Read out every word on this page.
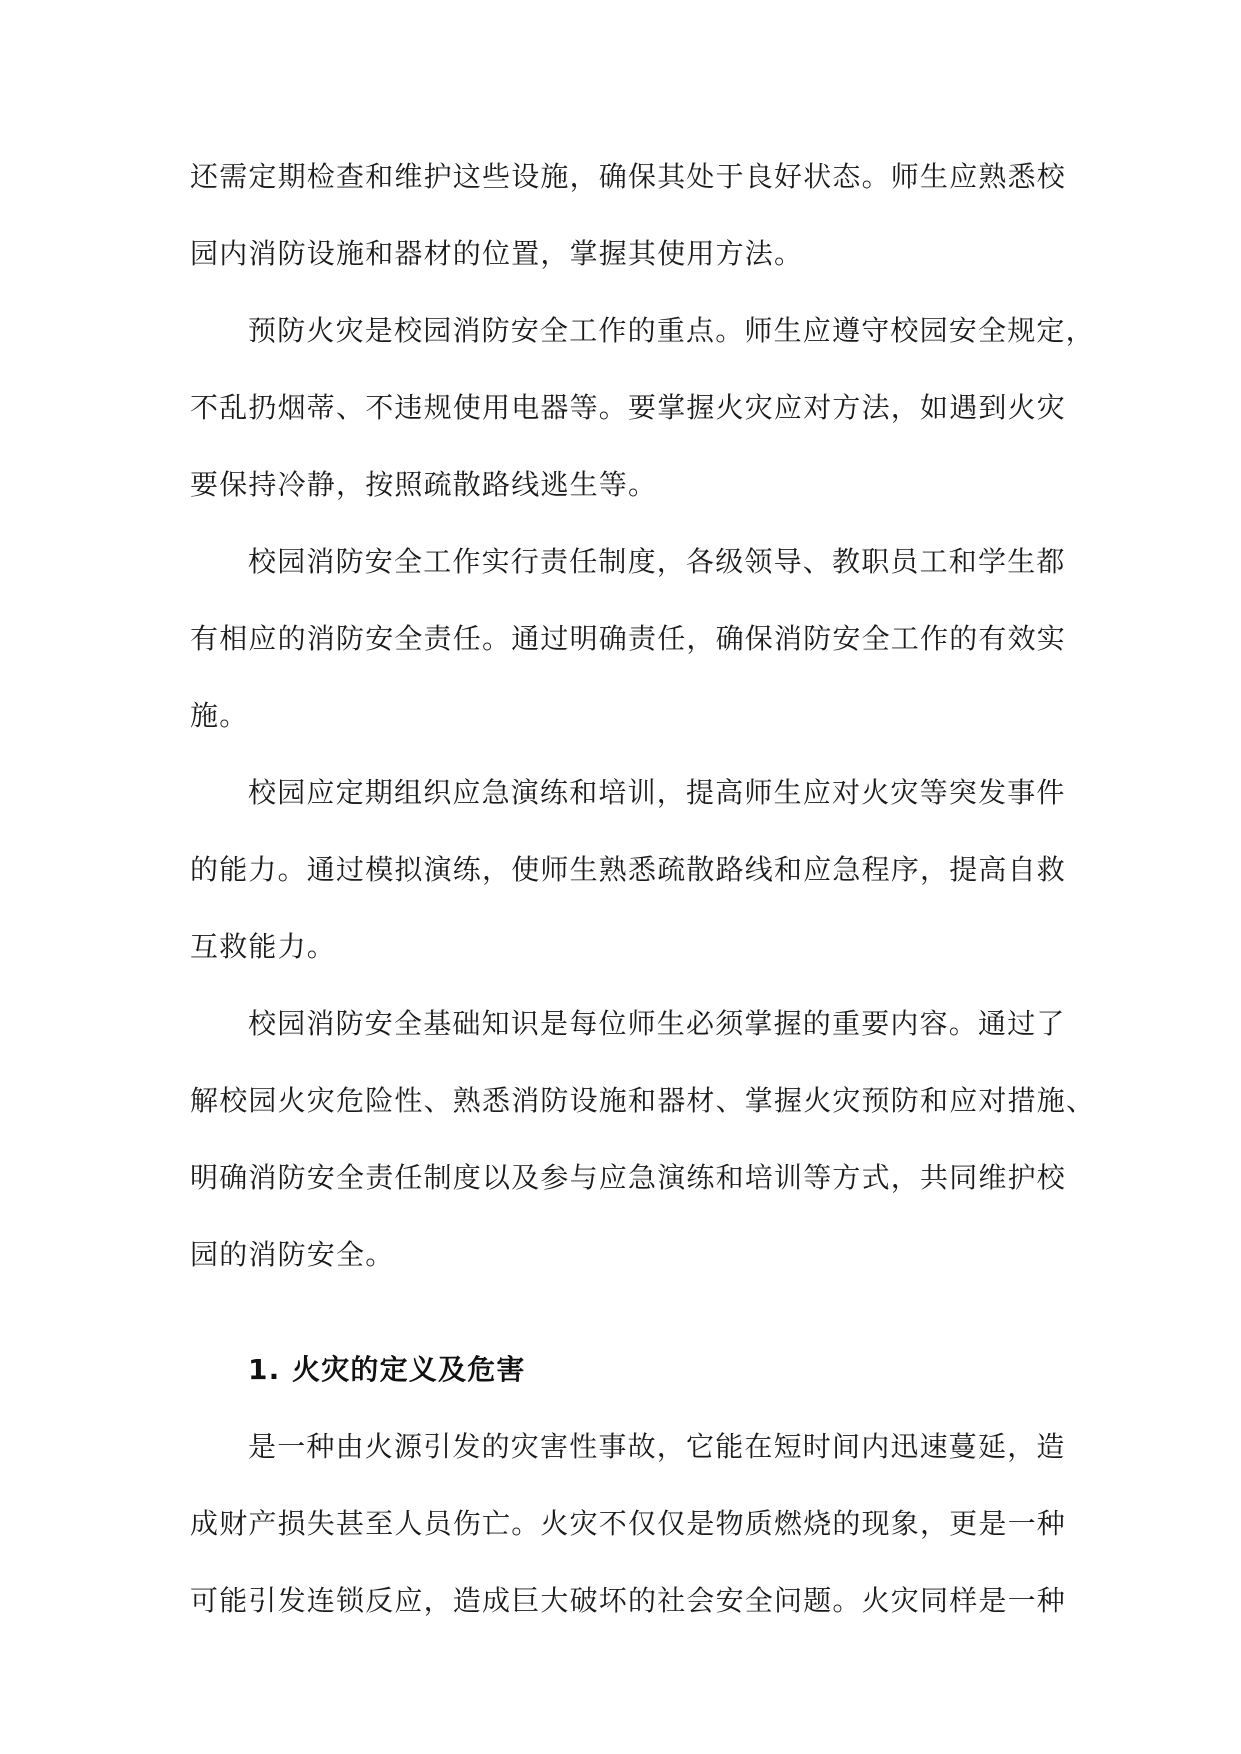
还需定期检查和维护这些设施，确保其处于良好状态。师生应熟悉校
园内消防设施和器材的位置，掌握其使用方法。
预防火灾是校园消防安全工作的重点。师生应遵守校园安全规定，
不乱扔烟蒂、不违规使用电器等。要掌握火灾应对方法，如遇到火灾
要保持冷静，按照疏散路线逃生等。
校园消防安全工作实行责任制度，各级领导、教职员工和学生都
有相应的消防安全责任。通过明确责任，确保消防安全工作的有效实
施。
校园应定期组织应急演练和培训，提高师生应对火灾等突发事件
的能力。通过模拟演练，使师生熟悉疏散路线和应急程序，提高自救
互救能力。
校园消防安全基础知识是每位师生必须掌握的重要内容。通过了
解校园火灾危险性、熟悉消防设施和器材、掌握火灾预防和应对措施、
明确消防安全责任制度以及参与应急演练和培训等方式，共同维护校
园的消防安全。
1. 火灾的定义及危害
是一种由火源引发的灾害性事故，它能在短时间内迅速蔓延，造
成财产损失甚至人员伤亡。火灾不仅仅是物质燃烧的现象，更是一种
可能引发连锁反应，造成巨大破坏的社会安全问题。火灾同样是一种
